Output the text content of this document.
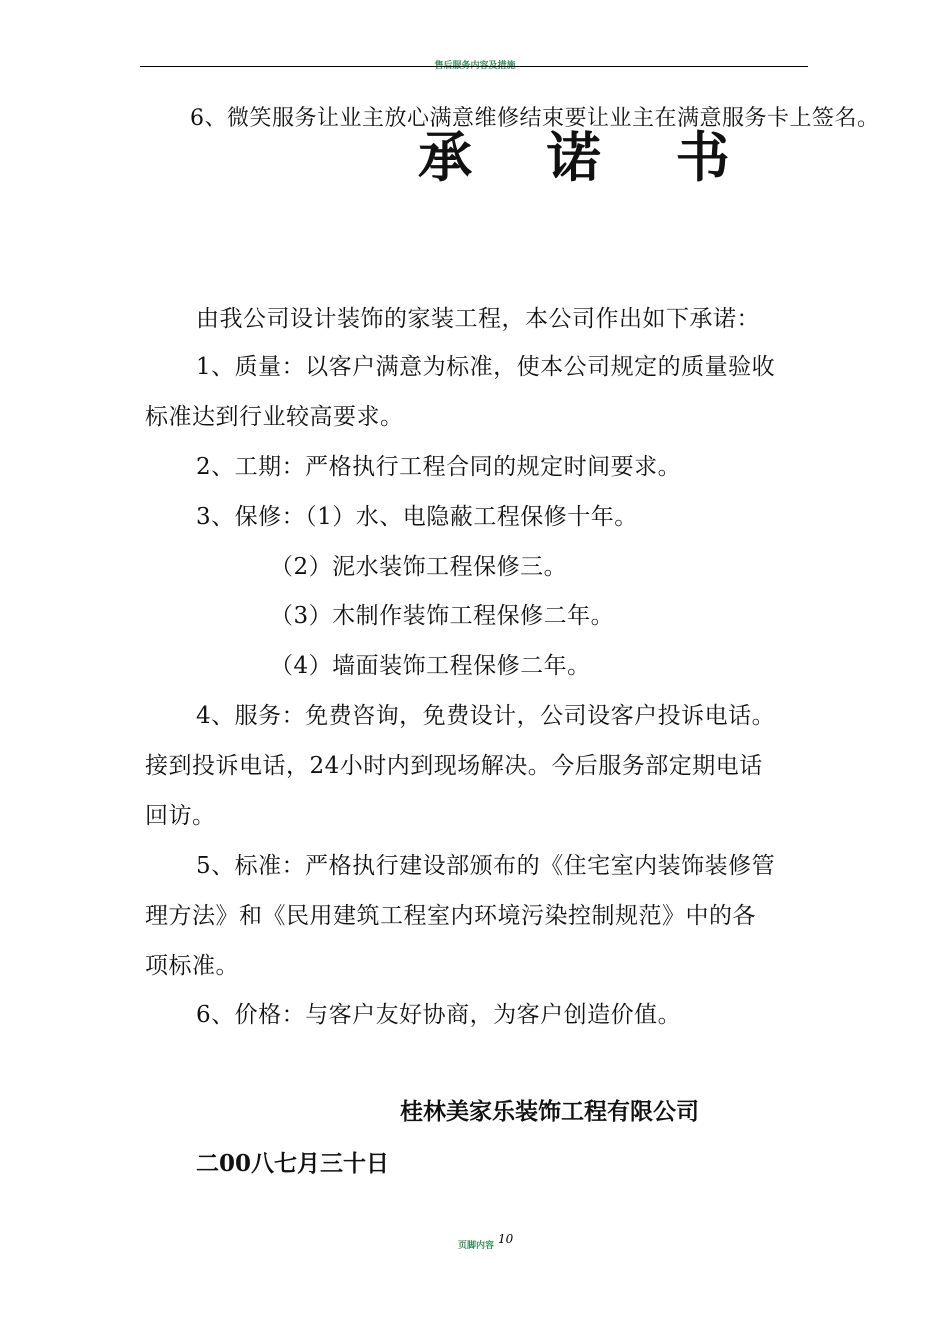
售后服务内容及措施
6、微笑服务让业主放心满意维修结束要让业主在满意服务卡上签名。
承 诺 书
由我公司设计装饰的家装工程，本公司作出如下承诺：
1、质量：以客户满意为标准，使本公司规定的质量验收
标准达到行业较高要求。
2、工期：严格执行工程合同的规定时间要求。
3、保修：（1）水、电隐蔽工程保修十年。
（2）泥水装饰工程保修三。
（3）木制作装饰工程保修二年。
（4）墙面装饰工程保修二年。
4、服务：免费咨询，免费设计，公司设客户投诉电话。
接到投诉电话，24小时内到现场解决。今后服务部定期电话
回访。
5、标准：严格执行建设部颁布的《住宅室内装饰装修管
理方法》和《民用建筑工程室内环境污染控制规范》中的各
项标准。
6、价格：与客户友好协商，为客户创造价值。
桂林美家乐装饰工程有限公司
二00八七月三十日
页脚内容 10
